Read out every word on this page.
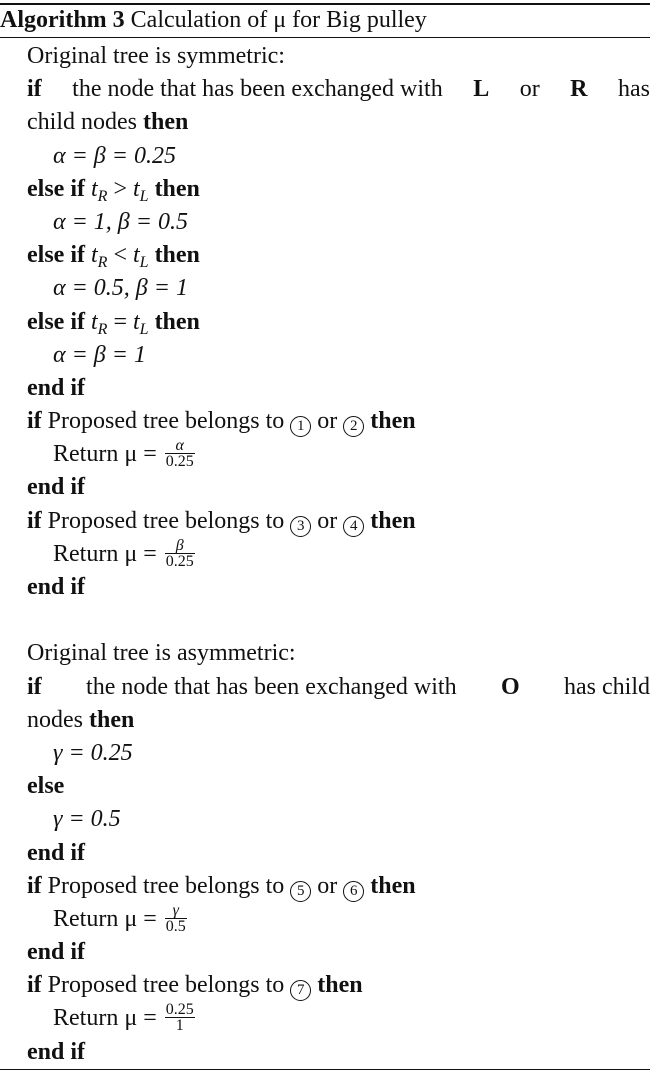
Algorithm 3 Calculation of μ for Big pulley
Original tree is symmetric:
if the node that has been exchanged with L or R has
child nodes then
α = β = 0.25
else if $t_R > t_L$ then
α = 1, β = 0.5
else if $t_R < t_L$ then
α = 0.5, β = 1
else if $t_R = t_L$ then
α = β = 1
end if
if Proposed tree belongs to 1 or 2 then
Return $\mu = \frac{\alpha}{0.25}$
end if
if Proposed tree belongs to 3 or 4 then
Return $\mu = \frac{\beta}{0.25}$
end if
Original tree is asymmetric:
if the node that has been exchanged with O has child
nodes then
γ = 0.25
else
γ = 0.5
end if
if Proposed tree belongs to 5 or 6 then
Return $\mu = \frac{\gamma}{0.5}$
end if
if Proposed tree belongs to 7 then
Return $\mu = \frac{0.25}{1}$
end if
